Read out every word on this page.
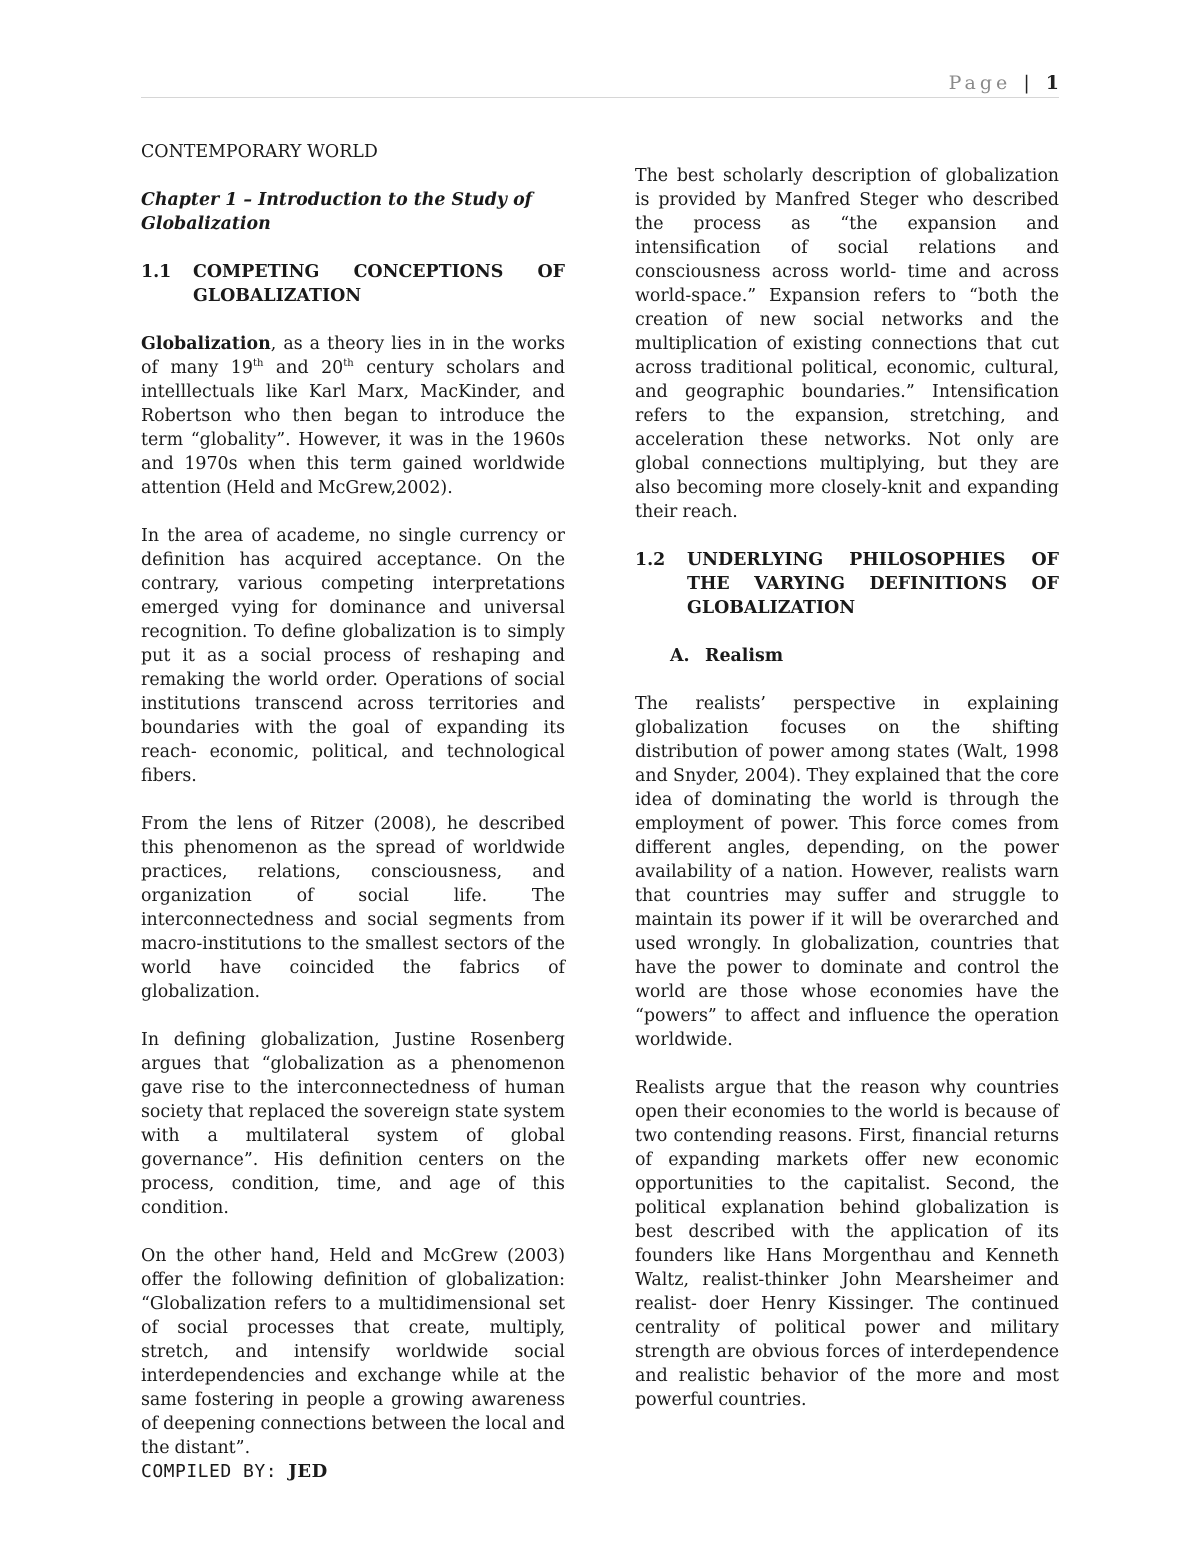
Page | 1
CONTEMPORARY WORLD
Chapter 1 – Introduction to the Study of Globalization
1.1	COMPETING CONCEPTIONS OF GLOBALIZATION

Globalization, as a theory lies in in the works of many 19th and 20th century scholars and intelllectuals like Karl Marx, MacKinder, and Robertson who then began to introduce the term “globality”. However, it was in the 1960s and 1970s when this term gained worldwide attention (Held and McGrew,2002).

In the area of academe, no single currency or definition has acquired acceptance. On the contrary, various competing interpretations emerged vying for dominance and universal recognition. To define globalization is to simply put it as a social process of reshaping and remaking the world order. Operations of social institutions transcend across territories and boundaries with the goal of expanding its reach- economic, political, and technological fibers.

From the lens of Ritzer (2008), he described this phenomenon as the spread of worldwide practices, relations, consciousness, and organization of social life. The interconnectedness and social segments from macro-institutions to the smallest sectors of the world have coincided the fabrics of globalization.

In defining globalization, Justine Rosenberg argues that “globalization as a phenomenon gave rise to the interconnectedness of human society that replaced the sovereign state system with a multilateral system of global governance”. His definition centers on the process, condition, time, and age of this condition.

On the other hand, Held and McGrew (2003) offer the following definition of globalization: “Globalization refers to a multidimensional set of social processes that create, multiply, stretch, and intensify worldwide social interdependencies and exchange while at the same fostering in people a growing awareness of deepening connections between the local and the distant”.

The best scholarly description of globalization is provided by Manfred Steger who described the process as “the expansion and intensification of social relations and consciousness across world- time and across world-space.” Expansion refers to “both the creation of new social networks and the multiplication of existing connections that cut across traditional political, economic, cultural, and geographic boundaries.” Intensification refers to the expansion, stretching, and acceleration these networks. Not only are global connections multiplying, but they are also becoming more closely-knit and expanding their reach.

1.2	UNDERLYING PHILOSOPHIES OF THE VARYING DEFINITIONS OF GLOBALIZATION
A. Realism

The realists’ perspective in explaining globalization focuses on the shifting distribution of power among states (Walt, 1998 and Snyder, 2004). They explained that the core idea of dominating the world is through the employment of power. This force comes from different angles, depending, on the power availability of a nation. However, realists warn that countries may suffer and struggle to maintain its power if it will be overarched and used wrongly. In globalization, countries that have the power to dominate and control the world are those whose economies have the “powers” to affect and influence the operation worldwide.

Realists argue that the reason why countries open their economies to the world is because of two contending reasons. First, financial returns of expanding markets offer new economic opportunities to the capitalist. Second, the political explanation behind globalization is best described with the application of its founders like Hans Morgenthau and Kenneth Waltz, realist-thinker John Mearsheimer and realist- doer Henry Kissinger. The continued centrality of political power and military strength are obvious forces of interdependence and realistic behavior of the more and most powerful countries.

COMPILED BY: JED
